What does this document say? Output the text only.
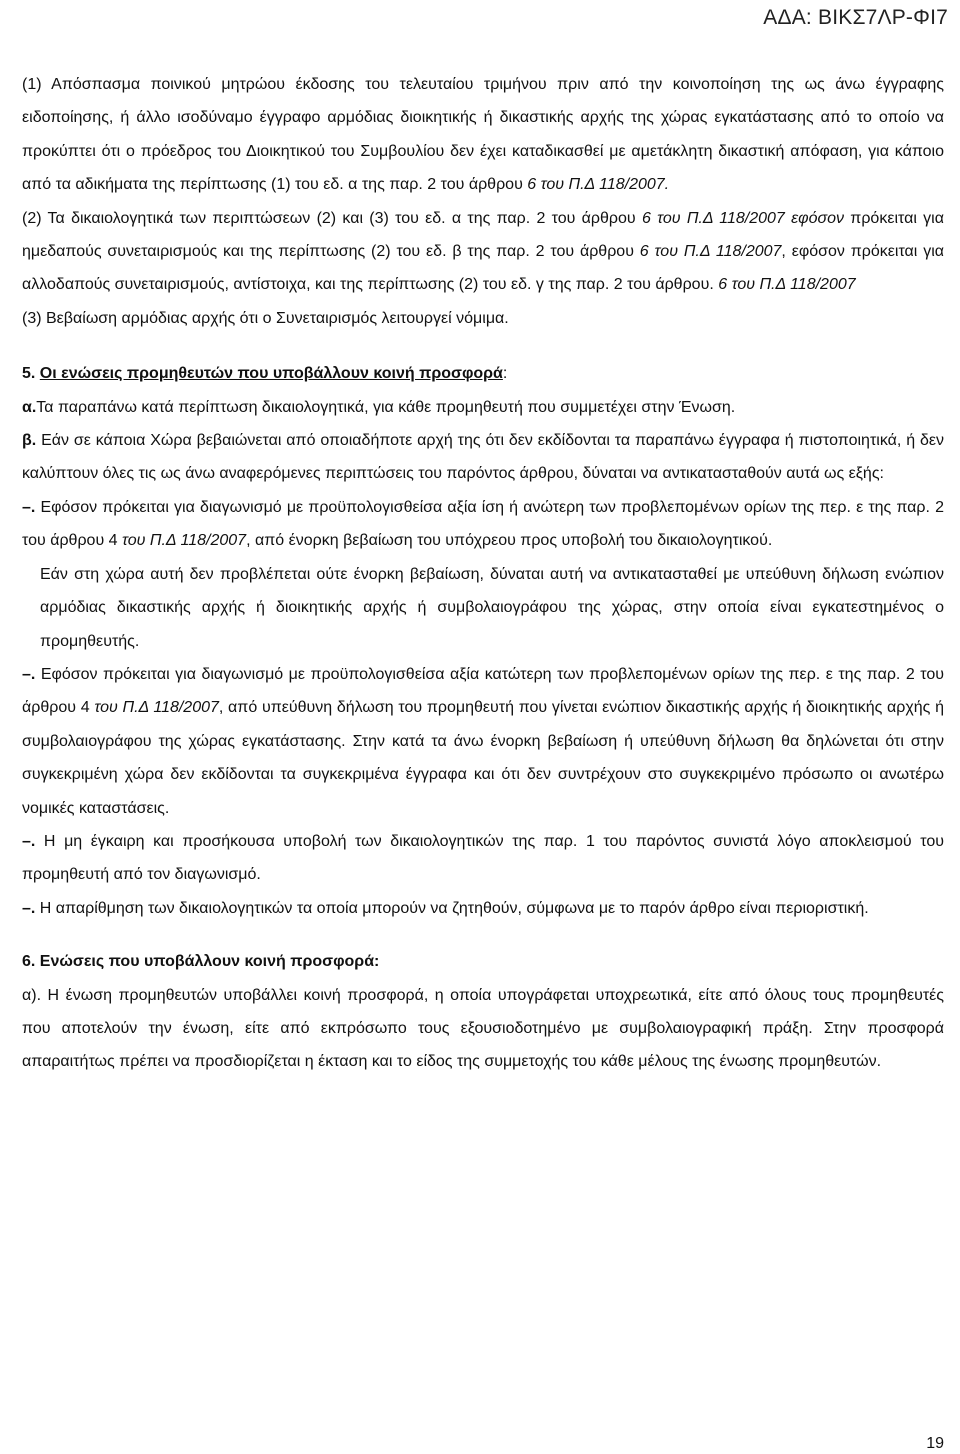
ΑΔΑ: ΒΙΚΣ7ΛΡ-ΦΙ7

(1) Απόσπασμα ποινικού μητρώου έκδοσης του τελευταίου τριμήνου πριν από την κοινοποίηση της ως άνω έγγραφης ειδοποίησης, ή άλλο ισοδύναμο έγγραφο αρμόδιας διοικητικής ή δικαστικής αρχής της χώρας εγκατάστασης από το οποίο να προκύπτει ότι ο πρόεδρος του Διοικητικού του Συμβουλίου δεν έχει καταδικασθεί με αμετάκλητη δικαστική απόφαση, για κάποιο από τα αδικήματα της περίπτωσης (1) του εδ. α της παρ. 2 του άρθρου 6 του Π.Δ 118/2007.

(2) Τα δικαιολογητικά των περιπτώσεων (2) και (3) του εδ. α της παρ. 2 του άρθρου 6 του Π.Δ 118/2007 εφόσον πρόκειται για ημεδαπούς συνεταιρισμούς και της περίπτωσης (2) του εδ. β της παρ. 2 του άρθρου 6 του Π.Δ 118/2007, εφόσον πρόκειται για αλλοδαπούς συνεταιρισμούς, αντίστοιχα, και της περίπτωσης (2) του εδ. γ της παρ. 2 του άρθρου. 6 του Π.Δ 118/2007

(3) Βεβαίωση αρμόδιας αρχής ότι ο Συνεταιρισμός λειτουργεί νόμιμα.

5. Οι ενώσεις προμηθευτών που υποβάλλουν κοινή προσφορά:

α.Τα παραπάνω κατά περίπτωση δικαιολογητικά, για κάθε προμηθευτή που συμμετέχει στην Ένωση.

β. Εάν σε κάποια Χώρα βεβαιώνεται από οποιαδήποτε αρχή της ότι δεν εκδίδονται τα παραπάνω έγγραφα ή πιστοποιητικά, ή δεν καλύπτουν όλες τις ως άνω αναφερόμενες περιπτώσεις του παρόντος άρθρου, δύναται να αντικατασταθούν αυτά ως εξής:

–. Εφόσον πρόκειται για διαγωνισμό με προϋπολογισθείσα αξία ίση ή ανώτερη των προβλεπομένων ορίων της περ. ε της παρ. 2 του άρθρου 4 του Π.Δ 118/2007, από ένορκη βεβαίωση του υπόχρεου προς υποβολή του δικαιολογητικού.

Εάν στη χώρα αυτή δεν προβλέπεται ούτε ένορκη βεβαίωση, δύναται αυτή να αντικατασταθεί με υπεύθυνη δήλωση ενώπιον αρμόδιας δικαστικής αρχής ή διοικητικής αρχής ή συμβολαιογράφου της χώρας, στην οποία είναι εγκατεστημένος ο προμηθευτής.

–. Εφόσον πρόκειται για διαγωνισμό με προϋπολογισθείσα αξία κατώτερη των προβλεπομένων ορίων της περ. ε της παρ. 2 του άρθρου 4 του Π.Δ 118/2007, από υπεύθυνη δήλωση του προμηθευτή που γίνεται ενώπιον δικαστικής αρχής ή διοικητικής αρχής ή συμβολαιογράφου της χώρας εγκατάστασης. Στην κατά τα άνω ένορκη βεβαίωση ή υπεύθυνη δήλωση θα δηλώνεται ότι στην συγκεκριμένη χώρα δεν εκδίδονται τα συγκεκριμένα έγγραφα και ότι δεν συντρέχουν στο συγκεκριμένο πρόσωπο οι ανωτέρω νομικές καταστάσεις.

–. Η μη έγκαιρη και προσήκουσα υποβολή των δικαιολογητικών της παρ. 1 του παρόντος συνιστά λόγο αποκλεισμού του προμηθευτή από τον διαγωνισμό.

–. Η απαρίθμηση των δικαιολογητικών τα οποία μπορούν να ζητηθούν, σύμφωνα με το παρόν άρθρο είναι περιοριστική.

6. Ενώσεις που υποβάλλουν κοινή προσφορά:

α). Η ένωση προμηθευτών υποβάλλει κοινή προσφορά, η οποία υπογράφεται υποχρεωτικά, είτε από όλους τους προμηθευτές που αποτελούν την ένωση, είτε από εκπρόσωπο τους εξουσιοδοτημένο με συμβολαιογραφική πράξη. Στην προσφορά απαραιτήτως πρέπει να προσδιορίζεται η έκταση και το είδος της συμμετοχής του κάθε μέλους της ένωσης προμηθευτών.

19
